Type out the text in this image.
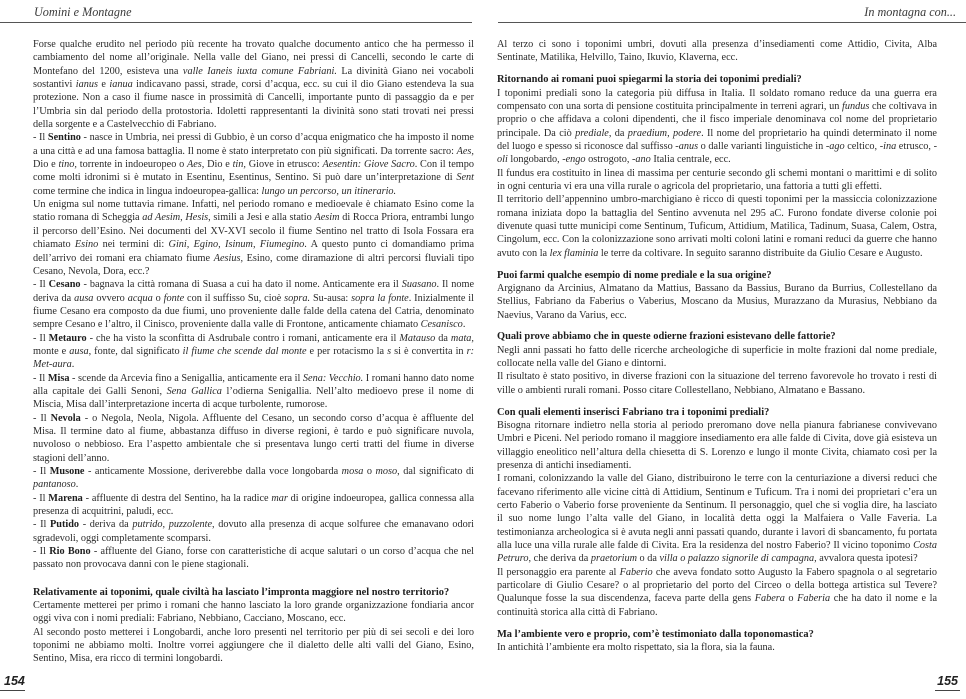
Uomini e Montagne

Forse qualche erudito nel periodo più recente ha trovato qualche documento antico che ha permesso il cambiamento del nome all’originale. Nella valle del Giano, nei pressi di Cancelli, secondo le carte di Montefano del 1200, esisteva una valle Ianeis iuxta comune Fabriani. La divinità Giano nei vocaboli sostantivi ianus e ianua indicavano passi, strade, corsi d’acqua, ecc. su cui il dio Giano estendeva la sua protezione. Non a caso il fiume nasce in prossimità di Cancelli, importante punto di passaggio da e per l’Umbria sin dal periodo della protostoria. Idoletti rappresentanti la divinità sono stati trovati nei pressi della sorgente e a Castelvecchio di Fabriano.

- Il Sentino - nasce in Umbria, nei pressi di Gubbio, è un corso d’acqua enigmatico che ha imposto il nome a una città e ad una famosa battaglia. Il nome è stato interpretato con più significati. Da torrente sacro: Aes, Dio e tino, torrente in indoeuropeo o Aes, Dio e tin, Giove in etrusco: Aesentin: Giove Sacro. Con il tempo come molti idronimi si è mutato in Esentinu, Esentinus, Sentino. Si può dare un’interpretazione di Sent come termine che indica in lingua indoeuropea-gallica: lungo un percorso, un itinerario.

Un enigma sul nome tuttavia rimane. Infatti, nel periodo romano e medioevale è chiamato Esino come la statio romana di Scheggia ad Aesim, Hesis, simili a Jesi e alla statio Aesim di Rocca Priora, entrambi lungo il percorso dell’Esino. Nei documenti del XV-XVI secolo il fiume Sentino nel tratto di Isola Fossara era chiamato Esino nei termini di: Gini, Egino, Isinum, Fiumegino. A questo punto ci domandiamo prima dell’arrivo dei romani era chiamato fiume Aesius, Esino, come diramazione di altri percorsi fluviali tipo Cesano, Nevola, Dora, ecc.?

- Il Cesano - bagnava la città romana di Suasa a cui ha dato il nome. Anticamente era il Suasano. Il nome deriva da ausa ovvero acqua o fonte con il suffisso Su, cioè sopra. Su-ausa: sopra la fonte. Inizialmente il fiume Cesano era composto da due fiumi, uno proveniente dalle falde della catena del Catria, denominato sempre Cesano e l’altro, il Cinisco, proveniente dalla valle di Frontone, anticamente chiamato Cesanisco.

- Il Metauro - che ha visto la sconfitta di Asdrubale contro i romani, anticamente era il Matauso da mata, monte e ausa, fonte, dal significato il fiume che scende dal monte e per rotacismo la s si è convertita in r: Met-aura.

- Il Misa - scende da Arcevia fino a Senigallia, anticamente era il Sena: Vecchio. I romani hanno dato nome alla capitale dei Galli Senoni, Sena Gallica l’odierna Senigallia. Nell’alto medioevo prese il nome di Miscia, Misa dall’interpretazione incerta di acque turbolente, rumorose.

- Il Nevola - o Negola, Neola, Nigola. Affluente del Cesano, un secondo corso d’acqua è affluente del Misa. Il termine dato al fiume, abbastanza diffuso in diverse regioni, è tardo e può significare nuvola, nuvoloso o nebbioso. Era l’aspetto ambientale che si presentava lungo certi tratti del fiume in diverse stagioni dell’anno.

- Il Musone - anticamente Mossione, deriverebbe dalla voce longobarda mosa o moso, dal significato di pantanoso.

- Il Marena - affluente di destra del Sentino, ha la radice mar di origine indoeuropea, gallica connessa alla presenza di acquitrini, paludi, ecc.

- Il Putido - deriva da putrido, puzzolente, dovuto alla presenza di acque solfuree che emanavano odori sgradevoli, oggi completamente scomparsi.

- Il Rio Bono - affluente del Giano, forse con caratteristiche di acque salutari o un corso d’acqua che nel passato non provocava danni con le piene stagionali.

Relativamente ai toponimi, quale civiltà ha lasciato l’impronta maggiore nel nostro territorio?

Certamente metterei per primo i romani che hanno lasciato la loro grande organizzazione fondiaria ancor oggi viva con i nomi prediali: Fabriano, Nebbiano, Cacciano, Moscano, ecc.

Al secondo posto metterei i Longobardi, anche loro presenti nel territorio per più di sei secoli e dei loro toponimi ne abbiamo molti. Inoltre vorrei aggiungere che il dialetto delle alti valli del Giano, Esino, Sentino, Misa, era ricco di termini longobardi.

154
In montagna con...

Al terzo ci sono i toponimi umbri, dovuti alla presenza d’insediamenti come Attidio, Civita, Alba Sentinate, Matilika, Helvillo, Taino, Ikuvio, Klaverna, ecc.

Ritornando ai romani puoi spiegarmi la storia dei toponimi prediali?

I toponimi prediali sono la categoria più diffusa in Italia. Il soldato romano reduce da una guerra era compensato con una sorta di pensione costituita principalmente in terreni agrari, un fundus che coltivava in proprio o che affidava a coloni dipendenti, che il fisco imperiale denominava col nome del proprietario principale. Da ciò prediale, da praedium, podere. Il nome del proprietario ha quindi determinato il nome del luogo e spesso si riconosce dal suffisso -anus o dalle varianti linguistiche in -ago celtico, -ina etrusco, -oli longobardo, -engo ostrogoto, -ano Italia centrale, ecc.

Il fundus era costituito in linea di massima per centurie secondo gli schemi montani o marittimi e di solito in ogni centuria vi era una villa rurale o agricola del proprietario, una fattoria a tutti gli effetti.

Il territorio dell’appennino umbro-marchigiano è ricco di questi toponimi per la massiccia colonizzazione romana iniziata dopo la battaglia del Sentino avvenuta nel 295 aC. Furono fondate diverse colonie poi divenute quasi tutte municipi come Sentinum, Tuficum, Attidium, Matilica, Tadinum, Suasa, Calem, Ostra, Cingolum, ecc. Con la colonizzazione sono arrivati molti coloni latini e romani reduci da guerre che hanno avuto con la lex flaminia le terre da coltivare. In seguito saranno distribuite da Giulio Cesare e Augusto.

Puoi farmi qualche esempio di nome prediale e la sua origine?

Argignano da Arcinius, Almatano da Mattius, Bassano da Bassius, Burano da Burrius, Collestellano da Stellius, Fabriano da Faberius o Vaberius, Moscano da Musius, Murazzano da Murasius, Nebbiano da Naevius, Varano da Varius, ecc.

Quali prove abbiamo che in queste odierne frazioni esistevano delle fattorie?

Negli anni passati ho fatto delle ricerche archeologiche di superficie in molte frazioni dal nome prediale, collocate nella valle del Giano e dintorni.

Il risultato è stato positivo, in diverse frazioni con la situazione del terreno favorevole ho trovato i resti di ville o ambienti rurali romani. Posso citare Collestellano, Nebbiano, Almatano e Bassano.

Con quali elementi inserisci Fabriano tra i toponimi prediali?

Bisogna ritornare indietro nella storia al periodo preromano dove nella pianura fabrianese convivevano Umbri e Piceni. Nel periodo romano il maggiore insediamento era alle falde di Civita, dove già esisteva un villaggio eneolitico nell’altura della chiesetta di S. Lorenzo e lungo il monte Civita, chiamato così per la presenza di antichi insediamenti.

I romani, colonizzando la valle del Giano, distribuirono le terre con la centuriazione a diversi reduci che facevano riferimento alle vicine città di Attidium, Sentinum e Tuficum. Tra i nomi dei proprietari c’era un certo Faberio o Vaberio forse proveniente da Sentinum. Il personaggio, quel che si voglia dire, ha lasciato il suo nome lungo l’alta valle del Giano, in località detta oggi la Malfaiera o Valle Faveria. La testimonianza archeologica si è avuta negli anni passati quando, durante i lavori di sbancamento, fu portata alla luce una villa rurale alle falde di Civita. Era la residenza del nostro Faberio? Il vicino toponimo Costa Petruro, che deriva da praetorium o da villa o palazzo signorile di campagna, avvalora questa ipotesi?

Il personaggio era parente al Faberio che aveva fondato sotto Augusto la Fabero spagnola o al segretario particolare di Giulio Cesare? o al proprietario del porto del Circeo o della bottega artistica sul Tevere? Qualunque fosse la sua discendenza, faceva parte della gens Fabera o Faberia che ha dato il nome e la continuità storica alla città di Fabriano.

Ma l’ambiente vero e proprio, com’è testimoniato dalla toponomastica?

In antichità l’ambiente era molto rispettato, sia la flora, sia la fauna.

155
